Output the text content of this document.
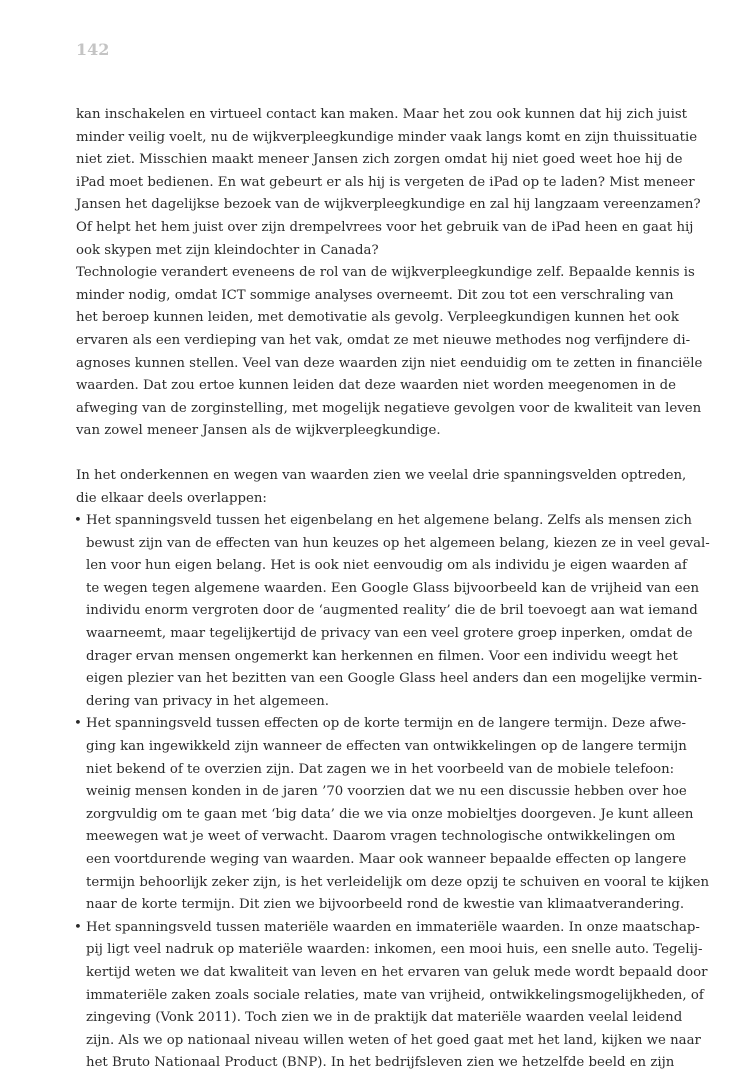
142
kan inschakelen en virtueel contact kan maken. Maar het zou ook kunnen dat hij zich juist
minder veilig voelt, nu de wijkverpleegkundige minder vaak langs komt en zijn thuissituatie
niet ziet. Misschien maakt meneer Jansen zich zorgen omdat hij niet goed weet hoe hij de
iPad moet bedienen. En wat gebeurt er als hij is vergeten de iPad op te laden? Mist meneer
Jansen het dagelijkse bezoek van de wijkverpleegkundige en zal hij langzaam vereenzamen?
Of helpt het hem juist over zijn drempelvrees voor het gebruik van de iPad heen en gaat hij
ook skypen met zijn kleindochter in Canada?
Technologie verandert eveneens de rol van de wijkverpleegkundige zelf. Bepaalde kennis is
minder nodig, omdat ICT sommige analyses overneemt. Dit zou tot een verschraling van
het beroep kunnen leiden, met demotivatie als gevolg. Verpleegkundigen kunnen het ook
ervaren als een verdieping van het vak, omdat ze met nieuwe methodes nog verfijndere di-
agnoses kunnen stellen. Veel van deze waarden zijn niet eenduidig om te zetten in financiële
waarden. Dat zou ertoe kunnen leiden dat deze waarden niet worden meegenomen in de
afweging van de zorginstelling, met mogelijk negatieve gevolgen voor de kwaliteit van leven
van zowel meneer Jansen als de wijkverpleegkundige.
In het onderkennen en wegen van waarden zien we veelal drie spanningsvelden optreden,
die elkaar deels overlappen:
• Het spanningsveld tussen het eigenbelang en het algemene belang. Zelfs als mensen zich
bewust zijn van de effecten van hun keuzes op het algemeen belang, kiezen ze in veel geval-
len voor hun eigen belang. Het is ook niet eenvoudig om als individu je eigen waarden af
te wegen tegen algemene waarden. Een Google Glass bijvoorbeeld kan de vrijheid van een
individu enorm vergroten door de ‘augmented reality’ die de bril toevoegt aan wat iemand
waarneemt, maar tegelijkertijd de privacy van een veel grotere groep inperken, omdat de
drager ervan mensen ongemerkt kan herkennen en filmen. Voor een individu weegt het
eigen plezier van het bezitten van een Google Glass heel anders dan een mogelijke vermin-
dering van privacy in het algemeen.
• Het spanningsveld tussen effecten op de korte termijn en de langere termijn. Deze afwe-
ging kan ingewikkeld zijn wanneer de effecten van ontwikkelingen op de langere termijn
niet bekend of te overzien zijn. Dat zagen we in het voorbeeld van de mobiele telefoon:
weinig mensen konden in de jaren ’70 voorzien dat we nu een discussie hebben over hoe
zorgvuldig om te gaan met ‘big data’ die we via onze mobieltjes doorgeven. Je kunt alleen
meewegen wat je weet of verwacht. Daarom vragen technologische ontwikkelingen om
een voortdurende weging van waarden. Maar ook wanneer bepaalde effecten op langere
termijn behoorlijk zeker zijn, is het verleidelijk om deze opzij te schuiven en vooral te kijken
naar de korte termijn. Dit zien we bijvoorbeeld rond de kwestie van klimaatverandering.
• Het spanningsveld tussen materiële waarden en immateriële waarden. In onze maatschap-
pij ligt veel nadruk op materiële waarden: inkomen, een mooi huis, een snelle auto. Tegelij-
kertijd weten we dat kwaliteit van leven en het ervaren van geluk mede wordt bepaald door
immateriële zaken zoals sociale relaties, mate van vrijheid, ontwikkelingsmogelijkheden, of
zingeving (Vonk 2011). Toch zien we in de praktijk dat materiële waarden veelal leidend
zijn. Als we op nationaal niveau willen weten of het goed gaat met het land, kijken we naar
het Bruto Nationaal Product (BNP). In het bedrijfsleven zien we hetzelfde beeld en zijn
